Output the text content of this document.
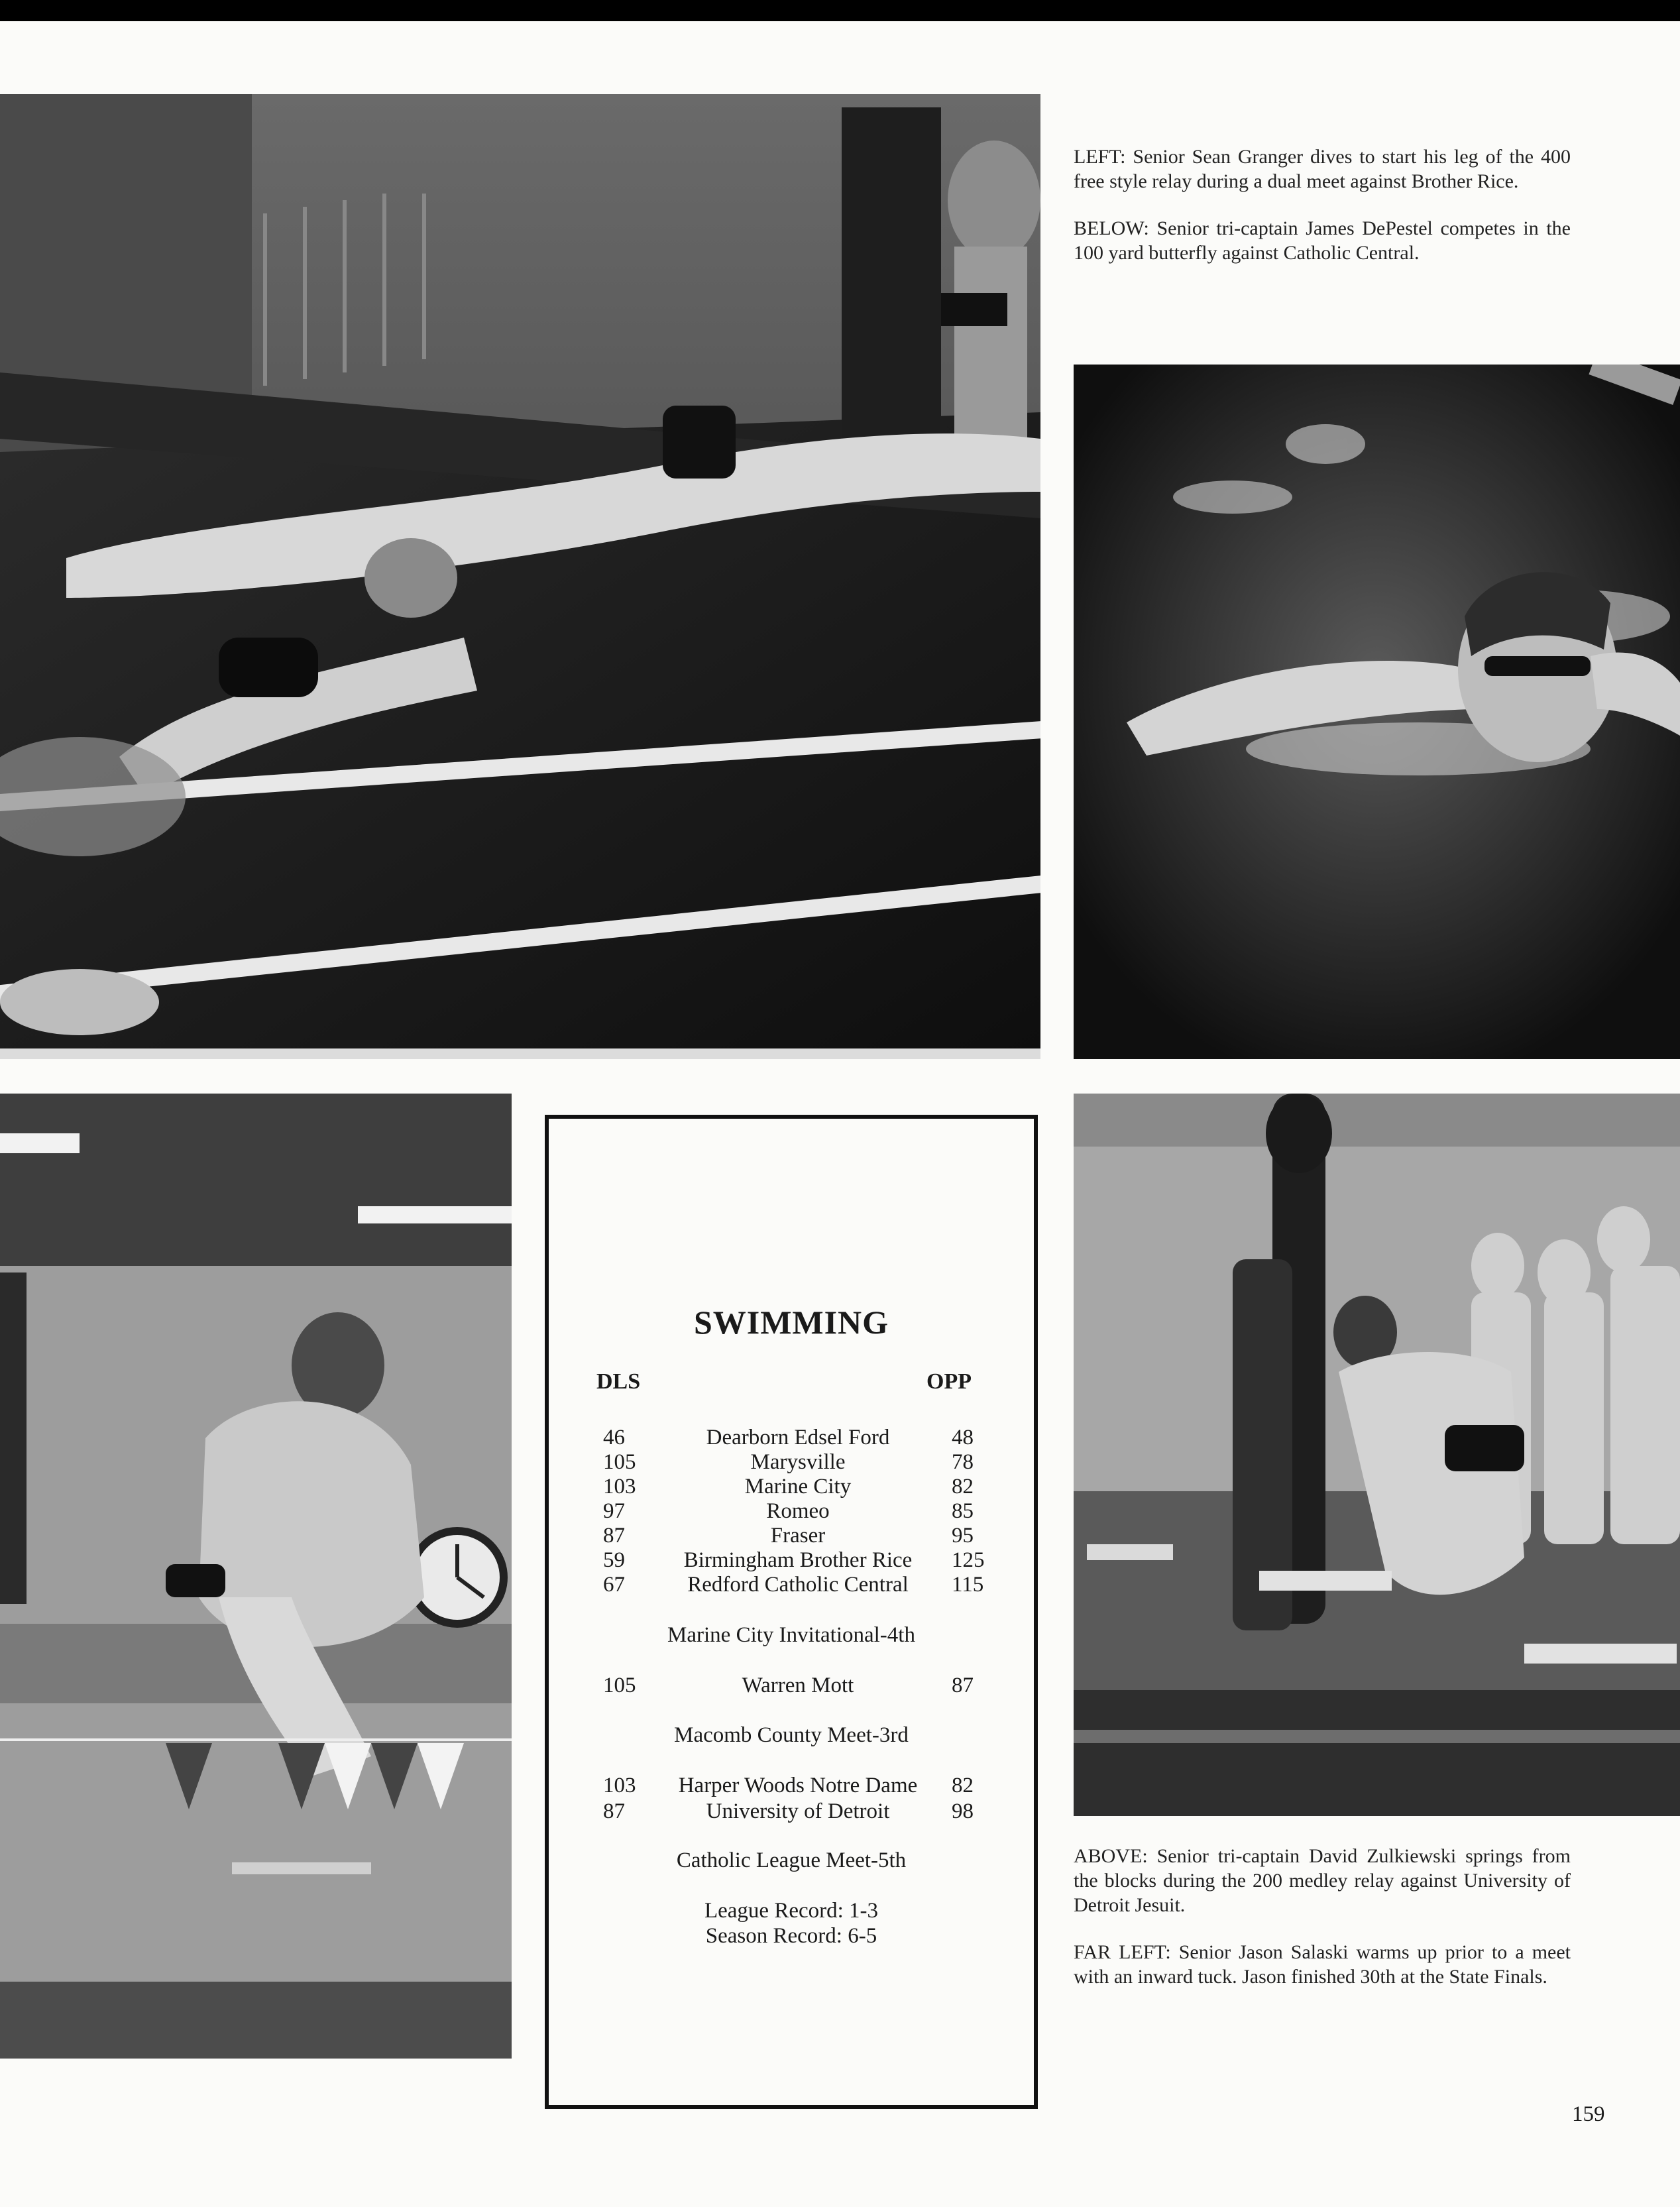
LEFT: Senior Sean Granger dives to start his leg of the 400 free style relay during a dual meet against Brother Rice.

BELOW: Senior tri-captain James DePestel competes in the 100 yard butterfly against Catholic Central.

ABOVE: Senior tri-captain David Zulkiewski springs from the blocks during the 200 medley relay against University of Detroit Jesuit.

FAR LEFT: Senior Jason Salaski warms up prior to a meet with an inward tuck. Jason finished 30th at the State Finals.

SWIMMING
DLS	OPP
46	Dearborn Edsel Ford	48
105	Marysville	78
103	Marine City	82
97	Romeo	85
87	Fraser	95
59	Birmingham Brother Rice	125
67	Redford Catholic Central	115
Marine City Invitational-4th
105	Warren Mott	87
Macomb County Meet-3rd
103	Harper Woods Notre Dame	82
87	University of Detroit	98
Catholic League Meet-5th
League Record: 1-3
Season Record: 6-5
159
